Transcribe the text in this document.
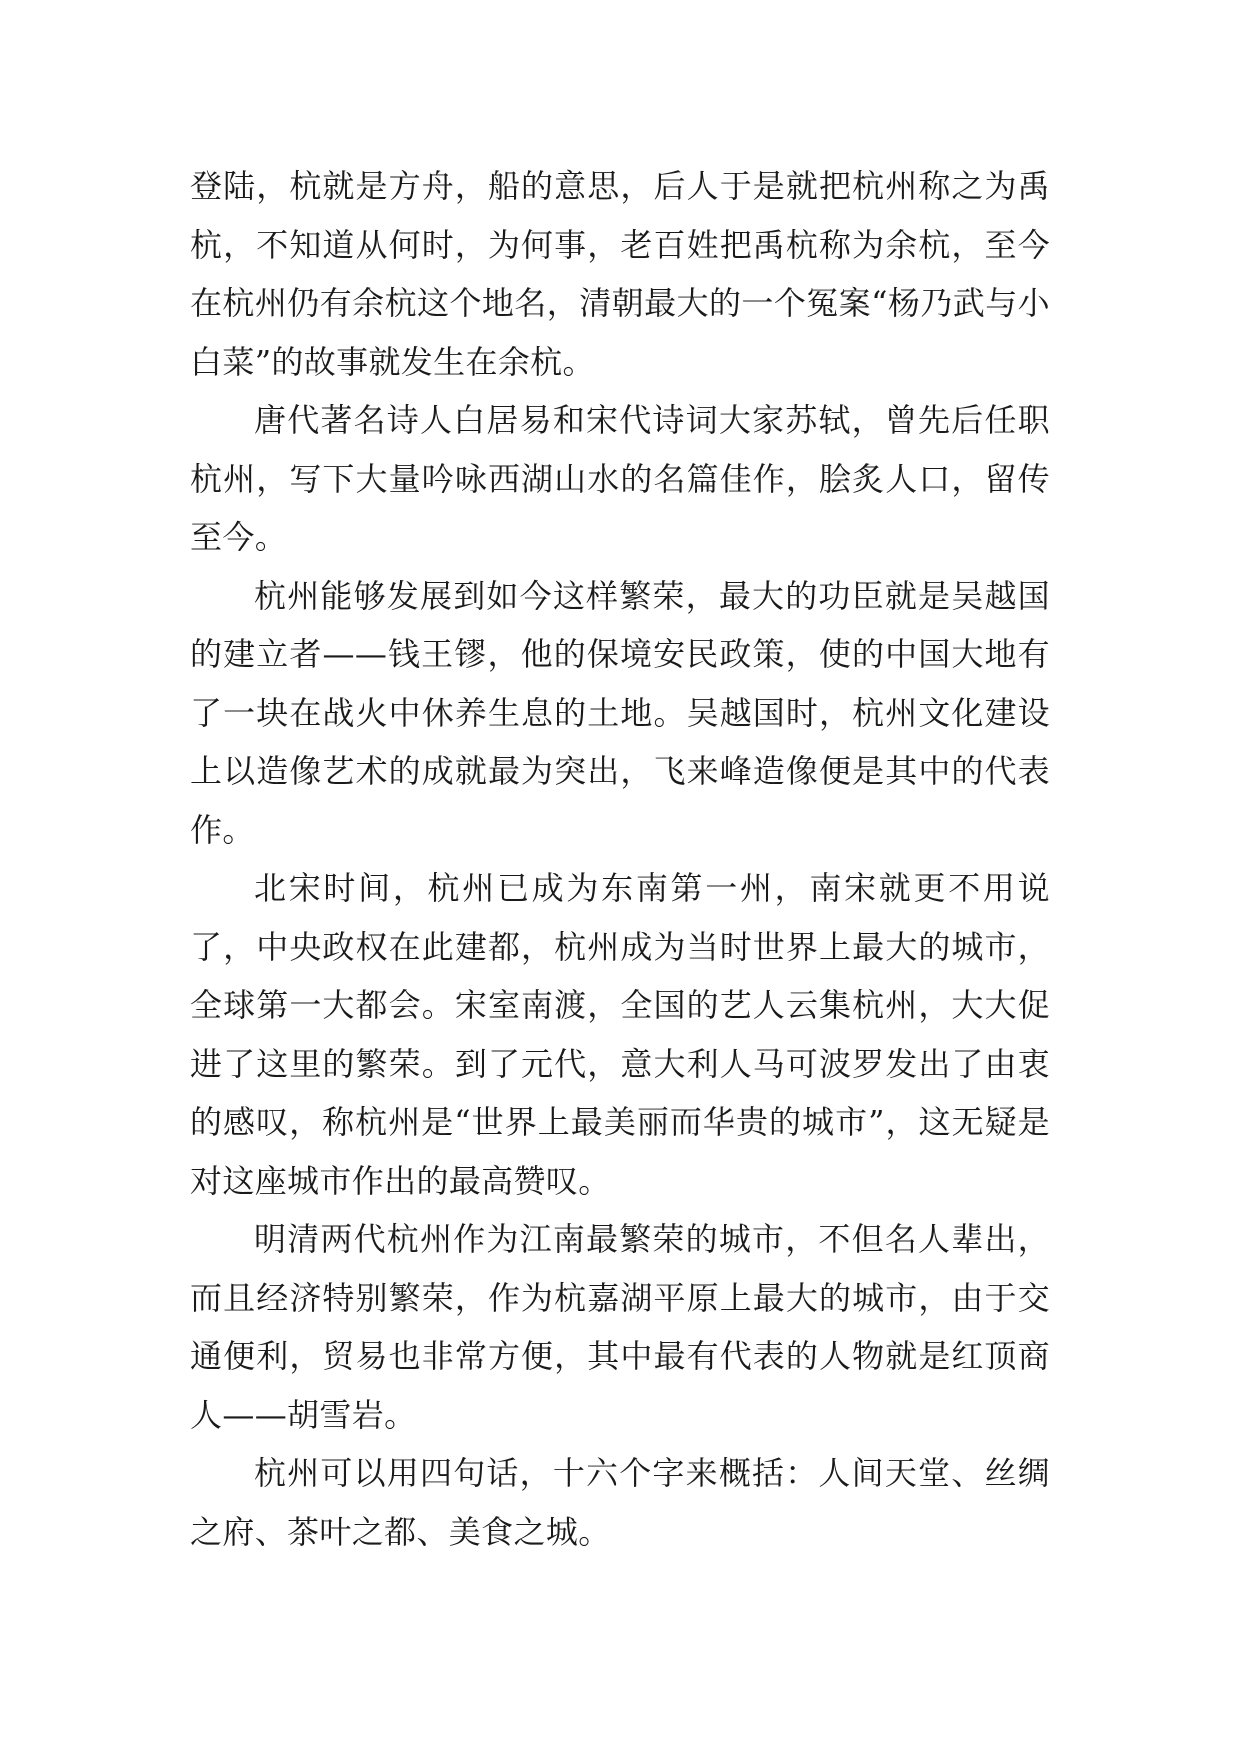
登陆，杭就是方舟，船的意思，后人于是就把杭州称之为禹杭，不知道从何时，为何事，老百姓把禹杭称为余杭，至今在杭州仍有余杭这个地名，清朝最大的一个冤案“杨乃武与小白菜”的故事就发生在余杭。

唐代著名诗人白居易和宋代诗词大家苏轼，曾先后任职杭州，写下大量吟咏西湖山水的名篇佳作，脍炙人口，留传至今。

杭州能够发展到如今这样繁荣，最大的功臣就是吴越国的建立者——钱王镠，他的保境安民政策，使的中国大地有了一块在战火中休养生息的土地。吴越国时，杭州文化建设上以造像艺术的成就最为突出，飞来峰造像便是其中的代表作。

北宋时间，杭州已成为东南第一州，南宋就更不用说了，中央政权在此建都，杭州成为当时世界上最大的城市，全球第一大都会。宋室南渡，全国的艺人云集杭州，大大促进了这里的繁荣。到了元代，意大利人马可波罗发出了由衷的感叹，称杭州是“世界上最美丽而华贵的城市”，这无疑是对这座城市作出的最高赞叹。

明清两代杭州作为江南最繁荣的城市，不但名人辈出，而且经济特别繁荣，作为杭嘉湖平原上最大的城市，由于交通便利，贸易也非常方便，其中最有代表的人物就是红顶商人——胡雪岩。

杭州可以用四句话，十六个字来概括：人间天堂、丝绸之府、茶叶之都、美食之城。
